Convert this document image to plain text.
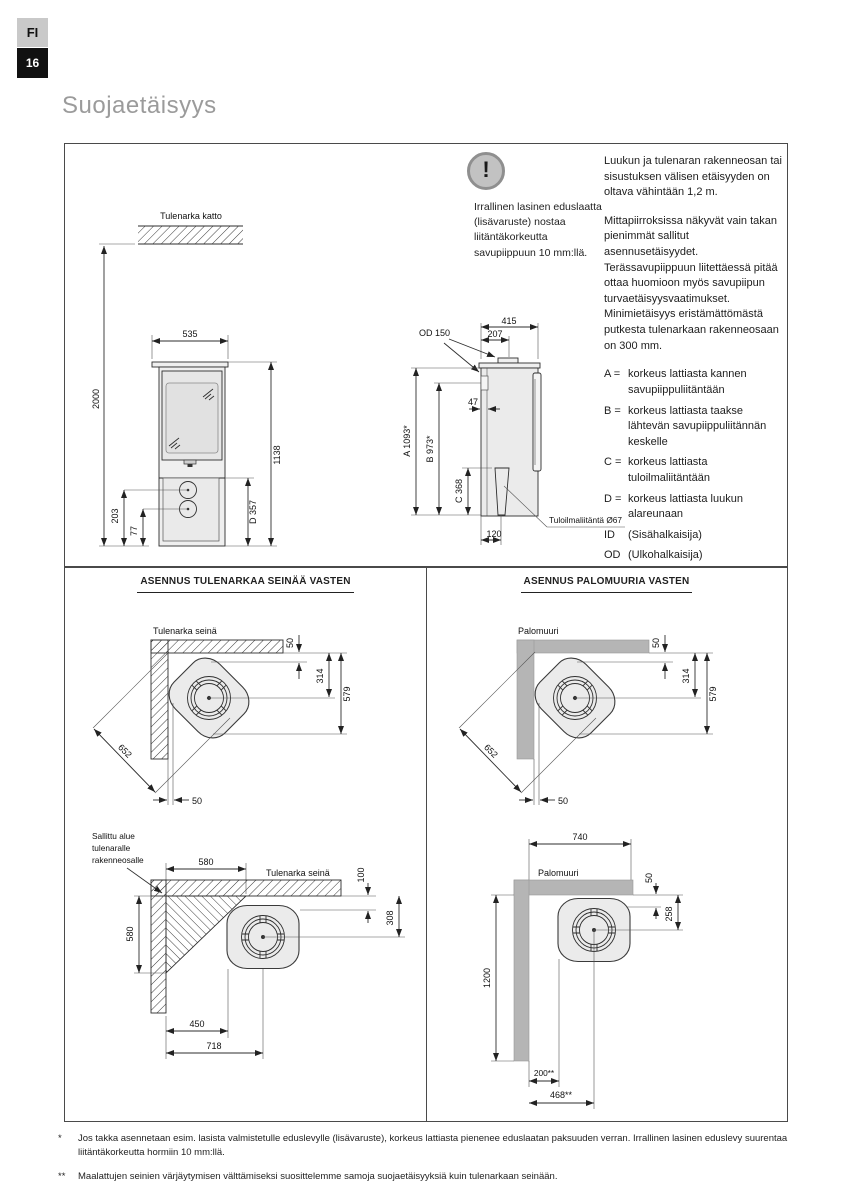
FI
16
Suojaetäisyys
Tulenarka katto
2000
535
203
77
D 357
1138
!
Irrallinen lasinen eduslaatta (lisävaruste) nostaa liitäntäkorkeutta savupiippuun 10 mm:llä.
415
207
OD 150
A 1093* B 973*
47
C 368
Tuloilmaliitäntä Ø67
120

Luukun ja tulenaran rakenneosan tai sisustuksen välisen etäisyyden on oltava vähintään 1,2 m.

Mittapiirroksissa näkyvät vain takan pienimmät sallitut asennusetäisyydet. Terässavupiippuun liitettäessä pitää ottaa huomioon myös savupiipun turvaetäisyysvaatimukset. Minimietäisyys eristämättömästä putkesta tulenarkaan rakenneosaan on 300 mm.

A = korkeus lattiasta kannen savupiippuliitäntään
B = korkeus lattiasta taakse lähtevän savupiippuliitännän keskelle
C = korkeus lattiasta tuloilmaliitäntään
D = korkeus lattiasta luukun alareunaan
ID	(Sisähalkaisija)
OD (Ulkohalkaisija)
ASENNUS TULENARKAA SEINÄÄ VASTEN	ASENNUS PALOMUURIA VASTEN
Tulenarka seinä
50
314
579
652
50
Palomuuri
50
314
579
652
50
Sallittu alue
tulenaralle
rakenneosalle	580
Tulenarka seinä	100
308
580
450
718
740
Palomuuri	50
258
1200
200**
468**
*	Jos takka asennetaan esim. lasista valmistetulle eduslevylle (lisävaruste), korkeus lattiasta pienenee eduslaatan paksuuden verran. Irrallinen lasinen eduslevy suurentaa liitäntäkorkeutta hormiin 10 mm:llä.
**	Maalattujen seinien värjäytymisen välttämiseksi suosittelemme samoja suojaetäisyyksiä kuin tulenarkaan seinään.
